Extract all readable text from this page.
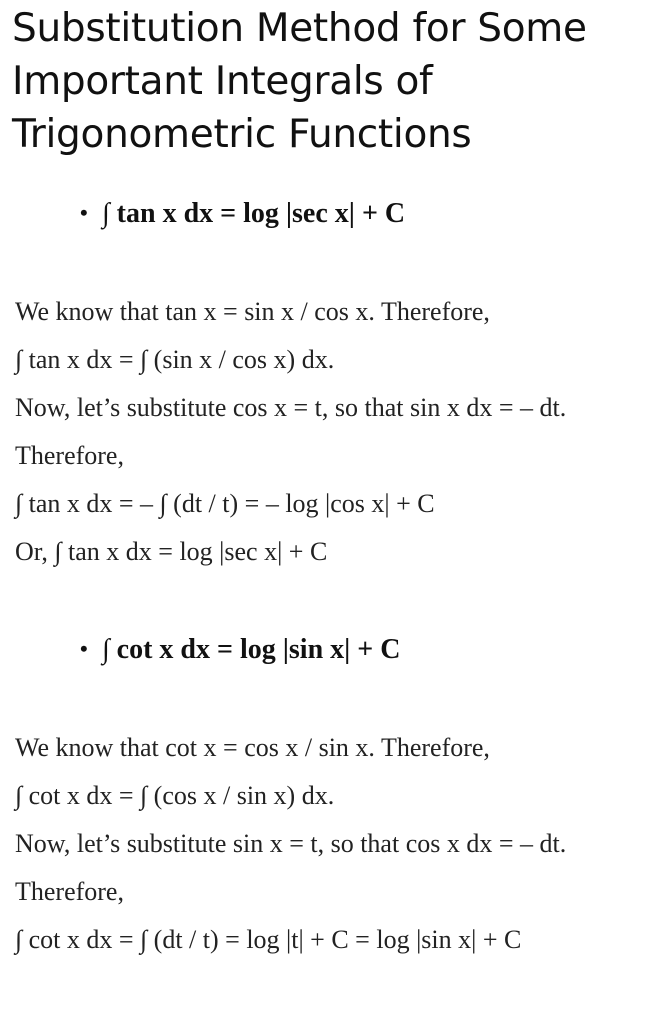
Substitution Method for Some Important Integrals of Trigonometric Functions
• ∫ tan x dx = log |sec x| + C
We know that tan x = sin x / cos x. Therefore,
∫ tan x dx = ∫ (sin x / cos x) dx.
Now, let’s substitute cos x = t, so that sin x dx = – dt.
Therefore,
∫ tan x dx = – ∫ (dt / t) = – log |cos x| + C
Or, ∫ tan x dx = log |sec x| + C
• ∫ cot x dx = log |sin x| + C
We know that cot x = cos x / sin x. Therefore,
∫ cot x dx = ∫ (cos x / sin x) dx.
Now, let’s substitute sin x = t, so that cos x dx = – dt.
Therefore,
∫ cot x dx = ∫ (dt / t) = log |t| + C = log |sin x| + C
